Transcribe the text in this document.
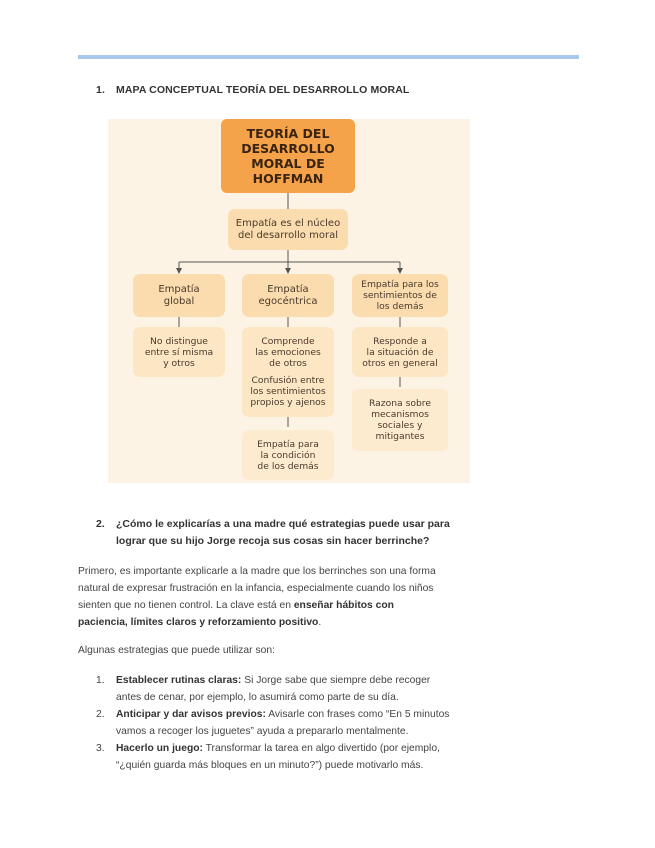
1. MAPA CONCEPTUAL TEORÍA DEL DESARROLLO MORAL
TEORÍA DEL
DESARROLLO
MORAL DE
HOFFMAN
Empatía es el núcleo
del desarrollo moral
Empatía
global
Empatía
egocéntrica
Empatía para los
sentimientos de
los demás
No distingue
entre sí misma
y otros
Comprende
las emociones
de otros
Confusión entre
los sentimientos
propios y ajenos
Responde a
la situación de
otros en general
Empatía para
la condición
de los demás
Razona sobre
mecanismos
sociales y
mitigantes
2. ¿Cómo le explicarías a una madre qué estrategias puede usar para
lograr que su hijo Jorge recoja sus cosas sin hacer berrinche?
Primero, es importante explicarle a la madre que los berrinches son una forma
natural de expresar frustración en la infancia, especialmente cuando los niños
sienten que no tienen control. La clave está en enseñar hábitos con
paciencia, límites claros y reforzamiento positivo.
Algunas estrategias que puede utilizar son:
1. Establecer rutinas claras: Si Jorge sabe que siempre debe recoger
antes de cenar, por ejemplo, lo asumirá como parte de su día.
2. Anticipar y dar avisos previos: Avisarle con frases como “En 5 minutos
vamos a recoger los juguetes” ayuda a prepararlo mentalmente.
3. Hacerlo un juego: Transformar la tarea en algo divertido (por ejemplo,
“¿quién guarda más bloques en un minuto?”) puede motivarlo más.
